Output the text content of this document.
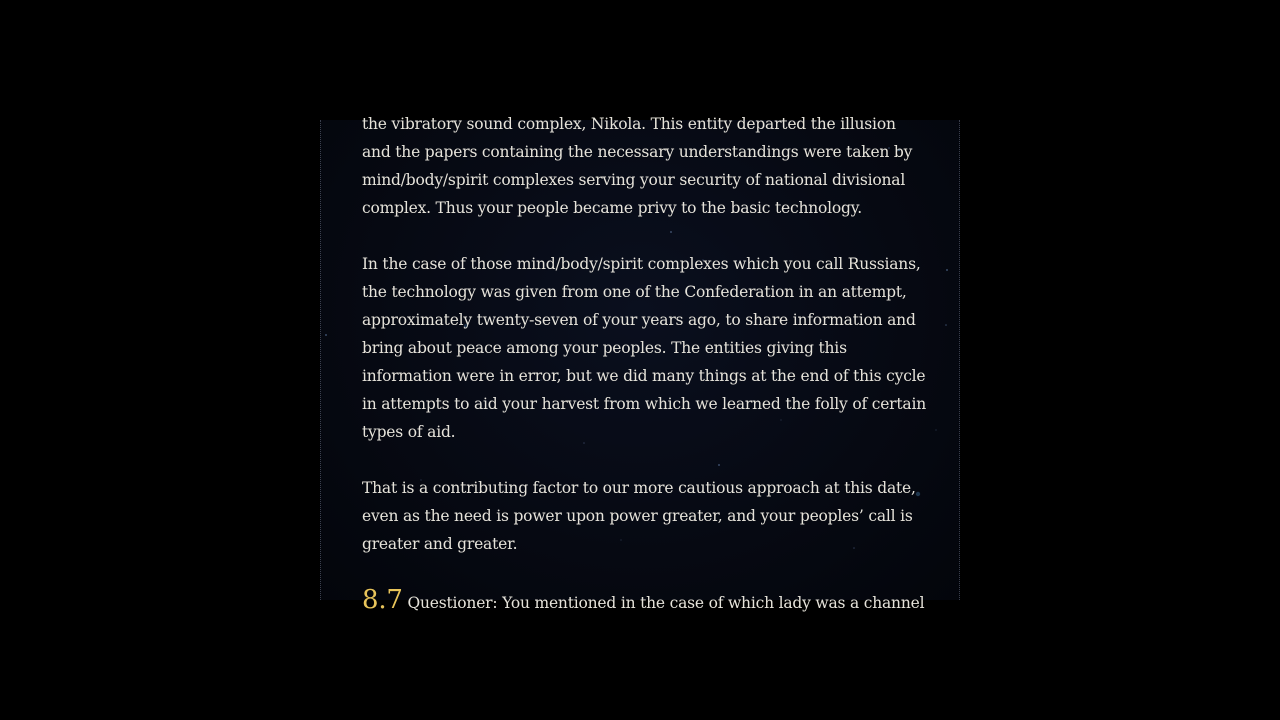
the vibratory sound complex, Nikola. This entity departed the illusion
and the papers containing the necessary understandings were taken by
mind/body/spirit complexes serving your security of national divisional
complex. Thus your people became privy to the basic technology.
In the case of those mind/body/spirit complexes which you call Russians,
the technology was given from one of the Confederation in an attempt,
approximately twenty-seven of your years ago, to share information and
bring about peace among your peoples. The entities giving this
information were in error, but we did many things at the end of this cycle
in attempts to aid your harvest from which we learned the folly of certain
types of aid.
That is a contributing factor to our more cautious approach at this date,
even as the need is power upon power greater, and your peoples’ call is
greater and greater.
8.7 Questioner: You mentioned in the case of which lady was a channel
